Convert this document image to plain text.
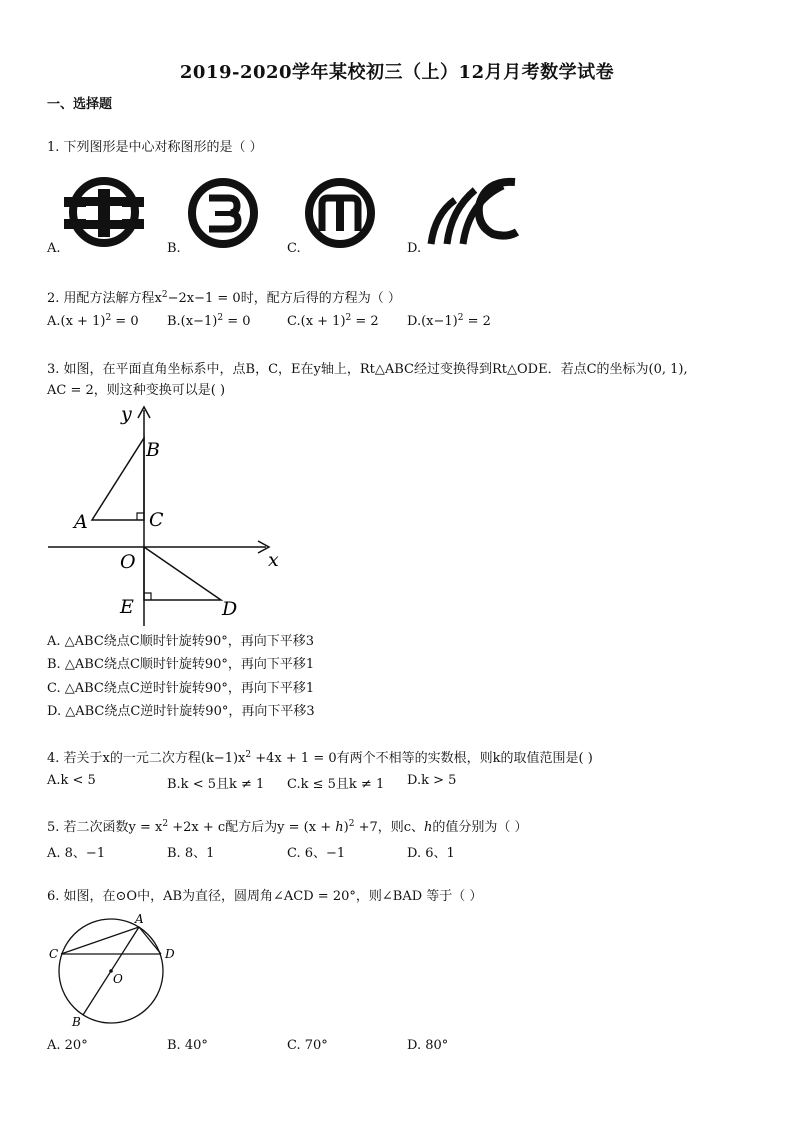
2019-2020学年某校初三（上）12月月考数学试卷
一、选择题
1. 下列图形是中心对称图形的是（ ）
A.	B.	C.	D.
2. 用配方法解方程$x^2-2x-1 = 0$时，配方后得的方程为（ ）
$A.(x + 1)^2 = 0$ $B.(x-1)^2 = 0$	$C.(x + 1)^2 = 2$ $D.(x-1)^2 = 2$
3. 如图，在平面直角坐标系中，点B，C，E在y轴上，Rt△ABC经过变换得到Rt△ODE．若点C的坐标为(0, 1),
AC = 2，则这种变换可以是( )
y
x
B
A	C
O
E	D
A. △ABC绕点C顺时针旋转90°，再向下平移3
B. △ABC绕点C顺时针旋转90°，再向下平移1
C. △ABC绕点C逆时针旋转90°，再向下平移1
D. △ABC绕点C逆时针旋转90°，再向下平移3
4. 若关于x的一元二次方程$(k-1)x^2 +4x + 1 = 0$有两个不相等的实数根，则k的取值范围是( )
A.k < 5	B.k < 5且k ≠ 1 C.k ≤ 5且k ≠ 1 D.k > 5
5. 若二次函数$y = x^2 +2x + c$配方后为$y = (x + h)^2 +7$，则c、h的值分别为（ ）
A. 8、−1	B. 8、1	C. 6、−1	D. 6、1
6. 如图，在⊙O中，AB为直径，圆周角∠ACD = 20°，则∠BAD 等于（ ）
A
C	D
O
B
A. 20°	B. 40°	C. 70°	D. 80°
